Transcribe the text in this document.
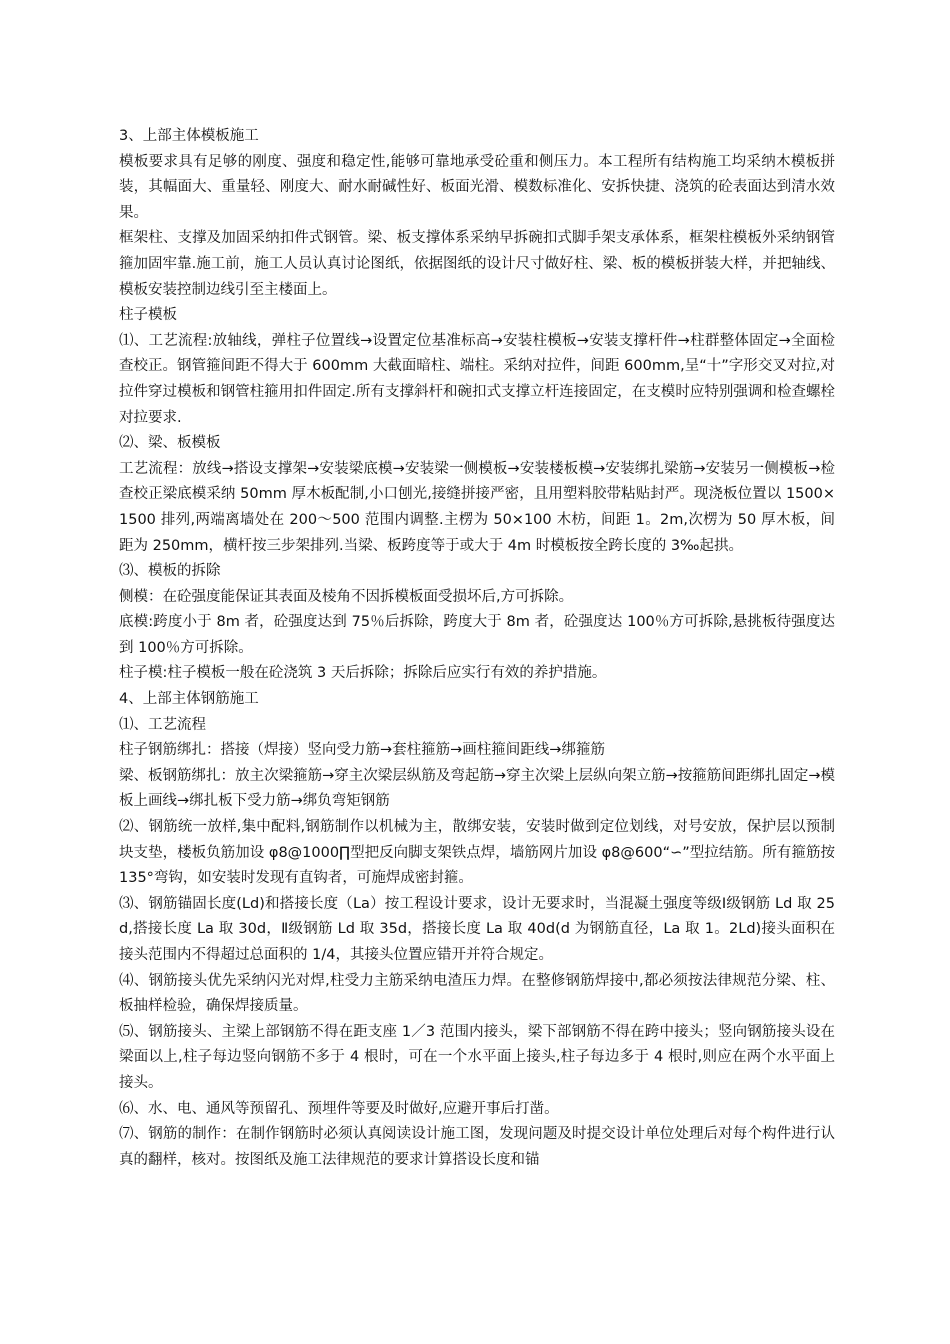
3、上部主体模板施工

模板要求具有足够的刚度、强度和稳定性,能够可靠地承受砼重和侧压力。本工程所有结构施工均采纳木模板拼装，其幅面大、重量轻、刚度大、耐水耐碱性好、板面光滑、模数标准化、安拆快捷、浇筑的砼表面达到清水效果。

框架柱、支撑及加固采纳扣件式钢管。梁、板支撑体系采纳早拆碗扣式脚手架支承体系，框架柱模板外采纳钢管箍加固牢靠.施工前，施工人员认真讨论图纸，依据图纸的设计尺寸做好柱、梁、板的模板拼装大样，并把轴线、模板安装控制边线引至主楼面上。

柱子模板

⑴、工艺流程:放轴线，弹柱子位置线→设置定位基准标高→安装柱模板→安装支撑杆件→柱群整体固定→全面检查校正。钢管箍间距不得大于 600mm 大截面暗柱、端柱。采纳对拉件，间距 600mm,呈“十”字形交叉对拉,对拉件穿过模板和钢管柱箍用扣件固定.所有支撑斜杆和碗扣式支撑立杆连接固定，在支模时应特别强调和检查螺栓对拉要求.

⑵、梁、板模板

工艺流程：放线→搭设支撑架→安装梁底模→安装梁一侧模板→安装楼板模→安装绑扎梁筋→安装另一侧模板→检查校正梁底模采纳 50mm 厚木板配制,小口刨光,接缝拼接严密，且用塑料胶带粘贴封严。现浇板位置以 1500×1500 排列,两端离墙处在 200～500 范围内调整.主楞为 50×100 木枋，间距 1。2m,次楞为 50 厚木板，间距为 250mm，横杆按三步架排列.当梁、板跨度等于或大于 4m 时模板按全跨长度的 3‰起拱。

⑶、模板的拆除

侧模：在砼强度能保证其表面及棱角不因拆模板面受损坏后,方可拆除。

底模:跨度小于 8m 者，砼强度达到 75％后拆除，跨度大于 8m 者，砼强度达 100％方可拆除,悬挑板待强度达到 100％方可拆除。

柱子模:柱子模板一般在砼浇筑 3 天后拆除；拆除后应实行有效的养护措施。

4、上部主体钢筋施工

⑴、工艺流程

柱子钢筋绑扎：搭接（焊接）竖向受力筋→套柱箍筋→画柱箍间距线→绑箍筋

梁、板钢筋绑扎：放主次梁箍筋→穿主次梁层纵筋及弯起筋→穿主次梁上层纵向架立筋→按箍筋间距绑扎固定→模板上画线→绑扎板下受力筋→绑负弯矩钢筋

⑵、钢筋统一放样,集中配料,钢筋制作以机械为主，散绑安装，安装时做到定位划线，对号安放，保护层以预制块支垫，楼板负筋加设 φ8@1000∏型把反向脚支架铁点焊，墙筋网片加设 φ8@600“∽”型拉结筋。所有箍筋按 135°弯钩，如安装时发现有直钩者，可施焊成密封箍。

⑶、钢筋锚固长度(Ld)和搭接长度（La）按工程设计要求，设计无要求时，当混凝土强度等级Ⅰ级钢筋 Ld 取 25d,搭接长度 La 取 30d，Ⅱ级钢筋 Ld 取 35d，搭接长度 La 取 40d(d 为钢筋直径，La 取 1。2Ld)接头面积在接头范围内不得超过总面积的 1/4，其接头位置应错开并符合规定。

⑷、钢筋接头优先采纳闪光对焊,柱受力主筋采纳电渣压力焊。在整修钢筋焊接中,都必须按法律规范分梁、柱、板抽样检验，确保焊接质量。

⑸、钢筋接头、主梁上部钢筋不得在距支座 1／3 范围内接头，梁下部钢筋不得在跨中接头；竖向钢筋接头设在梁面以上,柱子每边竖向钢筋不多于 4 根时，可在一个水平面上接头,柱子每边多于 4 根时,则应在两个水平面上接头。

⑹、水、电、通风等预留孔、预埋件等要及时做好,应避开事后打凿。

⑺、钢筋的制作：在制作钢筋时必须认真阅读设计施工图，发现问题及时提交设计单位处理后对每个构件进行认真的翻样，核对。按图纸及施工法律规范的要求计算搭设长度和锚
